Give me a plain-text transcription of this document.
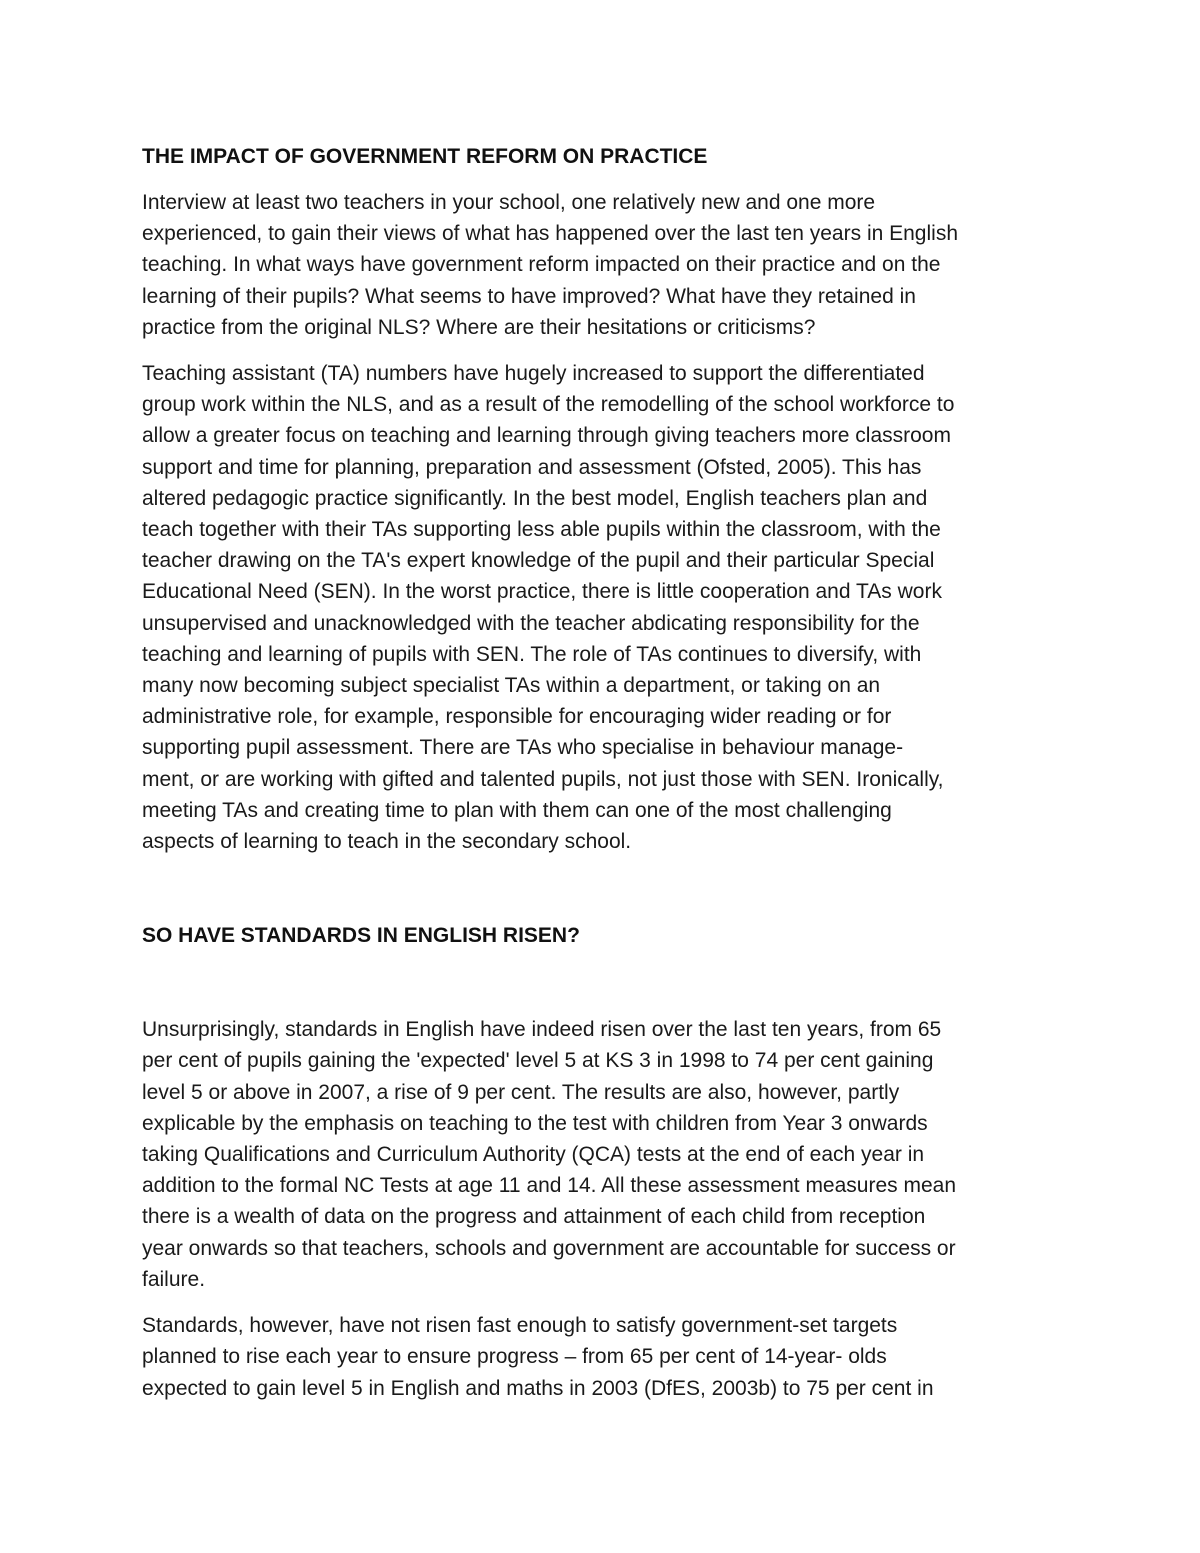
THE IMPACT OF GOVERNMENT REFORM ON PRACTICE

Interview at least two teachers in your school, one relatively new and one more
experienced, to gain their views of what has happened over the last ten years in English
teaching. In what ways have government reform impacted on their practice and on the
learning of their pupils? What seems to have improved? What have they retained in
practice from the original NLS? Where are their hesitations or criticisms?

Teaching assistant (TA) numbers have hugely increased to support the differentiated
group work within the NLS, and as a result of the remodelling of the school workforce to
allow a greater focus on teaching and learning through giving teachers more classroom
support and time for planning, preparation and assessment (Ofsted, 2005). This has
altered pedagogic practice significantly. In the best model, English teachers plan and
teach together with their TAs supporting less able pupils within the classroom, with the
teacher drawing on the TA's expert knowledge of the pupil and their particular Special
Educational Need (SEN). In the worst practice, there is little cooperation and TAs work
unsupervised and unacknowledged with the teacher abdicating responsibility for the
teaching and learning of pupils with SEN. The role of TAs continues to diversify, with
many now becoming subject specialist TAs within a department, or taking on an
administrative role, for example, responsible for encouraging wider reading or for
supporting pupil assessment. There are TAs who specialise in behaviour manage-
ment, or are working with gifted and talented pupils, not just those with SEN. Ironically,
meeting TAs and creating time to plan with them can one of the most challenging
aspects of learning to teach in the secondary school.

SO HAVE STANDARDS IN ENGLISH RISEN?

Unsurprisingly, standards in English have indeed risen over the last ten years, from 65
per cent of pupils gaining the 'expected' level 5 at KS 3 in 1998 to 74 per cent gaining
level 5 or above in 2007, a rise of 9 per cent. The results are also, however, partly
explicable by the emphasis on teaching to the test with children from Year 3 onwards
taking Qualifications and Curriculum Authority (QCA) tests at the end of each year in
addition to the formal NC Tests at age 11 and 14. All these assessment measures mean
there is a wealth of data on the progress and attainment of each child from reception
year onwards so that teachers, schools and government are accountable for success or
failure.

Standards, however, have not risen fast enough to satisfy government-set targets
planned to rise each year to ensure progress – from 65 per cent of 14-year- olds
expected to gain level 5 in English and maths in 2003 (DfES, 2003b) to 75 per cent in
